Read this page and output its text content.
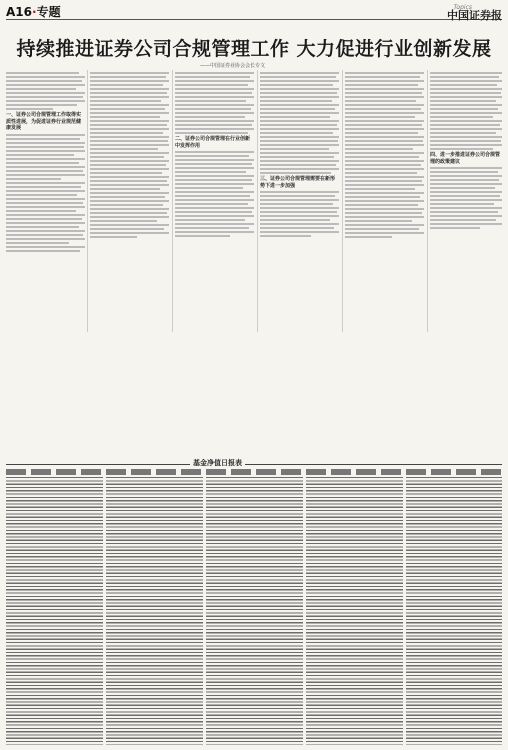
A16·专题	Topics
中国证券报
持续推进证券公司合规管理工作 大力促进行业创新发展
——中国证券业协会会长专文

一、证券公司合规管理工作取得实质性进展，为促进证券行业规范健康发展

二、证券公司合规管理在行业创新中发挥作用

三、证券公司合规管理需要在新形势下进一步加强

四、进一步推进证券公司合规管理的政策建议

基金净值日报表
